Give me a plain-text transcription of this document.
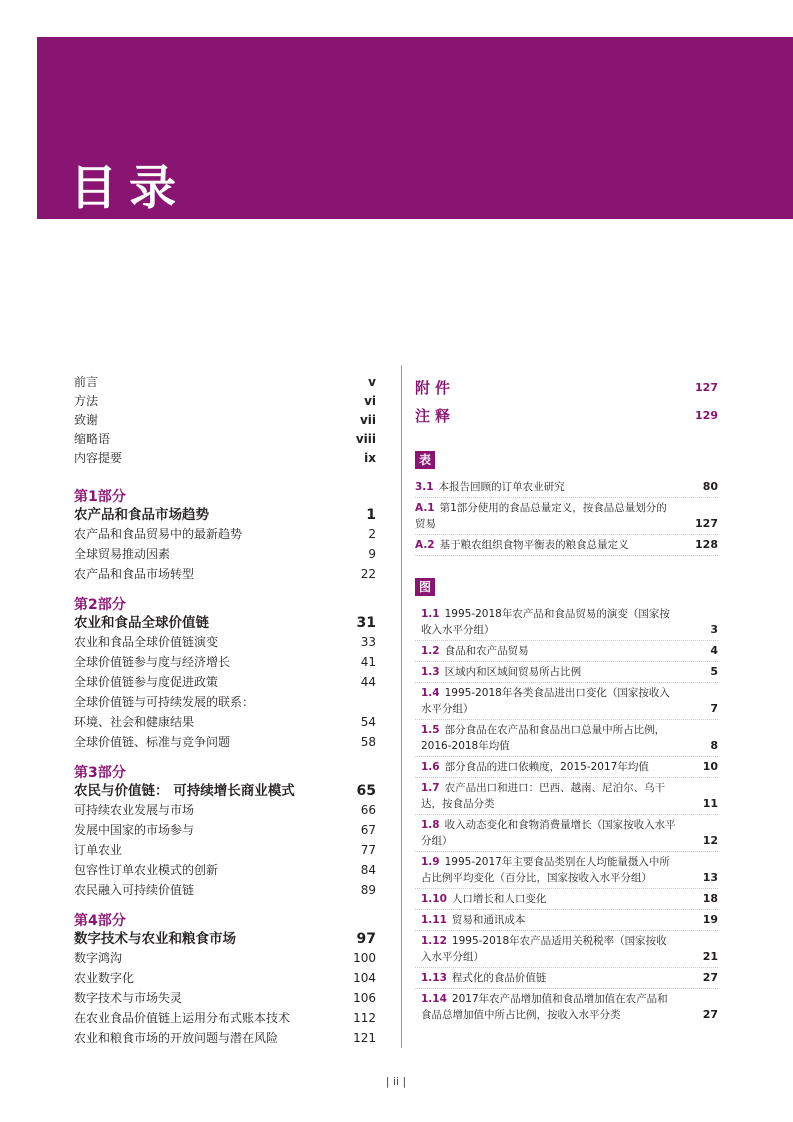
目录
前言	v
方法	vi
致谢	vii
缩略语	viii
内容提要	ix
第1部分
农产品和食品市场趋势	1
农产品和食品贸易中的最新趋势	2
全球贸易推动因素	9
农产品和食品市场转型	22
第2部分
农业和食品全球价值链	31
农业和食品全球价值链演变	33
全球价值链参与度与经济增长	41
全球价值链参与度促进政策	44
全球价值链与可持续发展的联系：
环境、社会和健康结果	54
全球价值链、标准与竞争问题	58
第3部分
农民与价值链： 可持续增长商业模式	65
可持续农业发展与市场	66
发展中国家的市场参与	67
订单农业	77
包容性订单农业模式的创新	84
农民融入可持续价值链	89
第4部分
数字技术与农业和粮食市场	97
数字鸿沟	100
农业数字化	104
数字技术与市场失灵	106
在农业食品价值链上运用分布式账本技术	112
农业和粮食市场的开放问题与潜在风险	121
附件	127
注释	129
表
3.1 本报告回顾的订单农业研究	80
A.1 第1部分使用的食品总量定义，按食品总量划分的贸易	127
A.2 基于粮农组织食物平衡表的粮食总量定义	128
图
1.1 1995-2018年农产品和食品贸易的演变（国家按收入水平分组）	3
1.2 食品和农产品贸易	4
1.3 区域内和区域间贸易所占比例	5
1.4 1995-2018年各类食品进出口变化（国家按收入水平分组）	7
1.5 部分食品在农产品和食品出口总量中所占比例，2016-2018年均值	8
1.6 部分食品的进口依赖度，2015-2017年均值	10
1.7 农产品出口和进口：巴西、越南、尼泊尔、乌干达，按食品分类	11
1.8 收入动态变化和食物消费量增长（国家按收入水平分组）	12
1.9 1995-2017年主要食品类别在人均能量摄入中所占比例平均变化（百分比，国家按收入水平分组）	13
1.10 人口增长和人口变化	18
1.11 贸易和通讯成本	19
1.12 1995-2018年农产品适用关税税率（国家按收入水平分组）	21
1.13 程式化的食品价值链	27
1.14 2017年农产品增加值和食品增加值在农产品和食品总增加值中所占比例，按收入水平分类	27
| ii |
